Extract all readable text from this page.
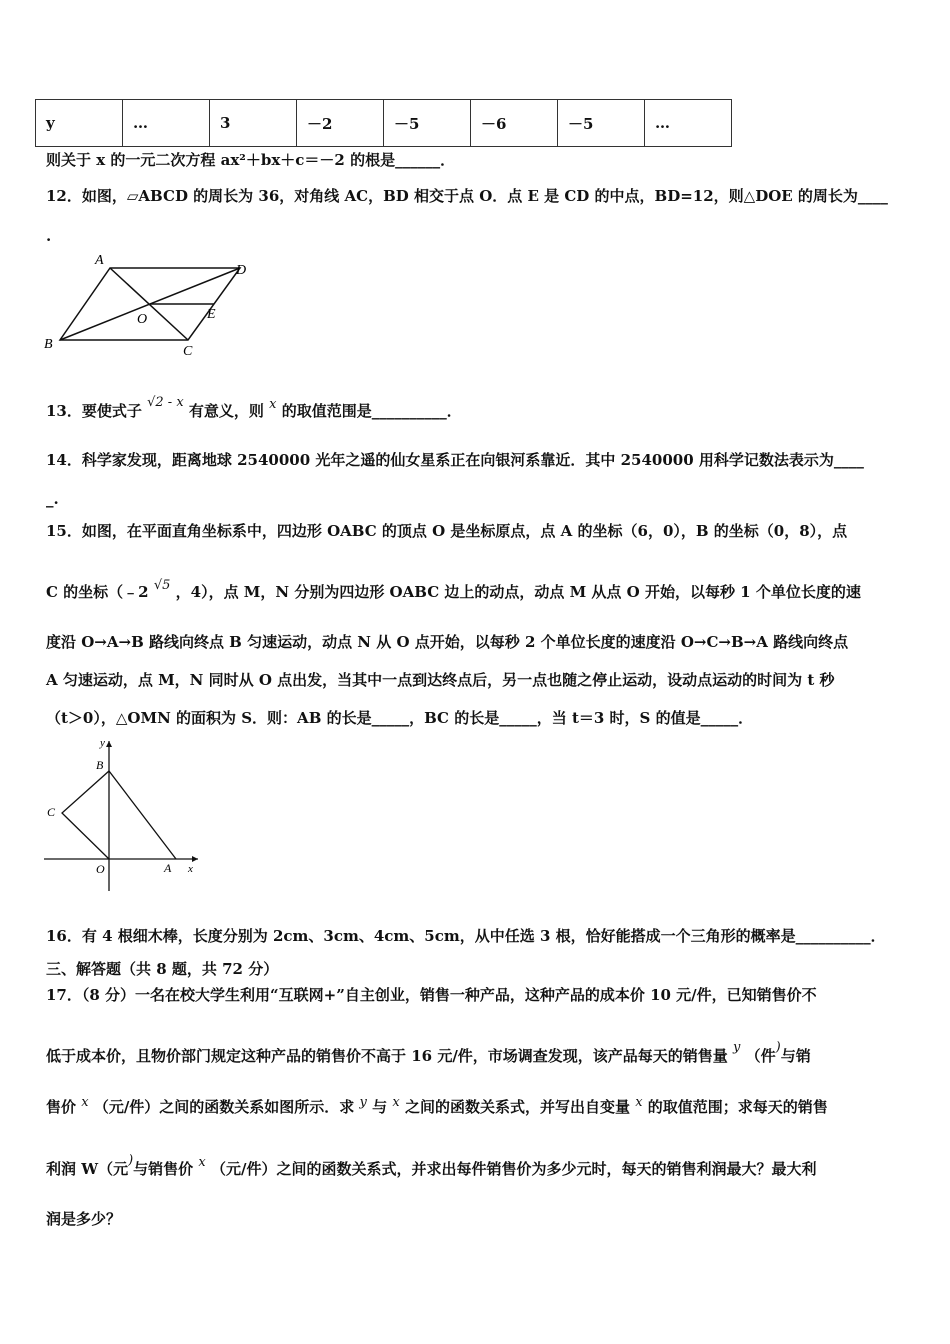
y	…	3	－2	－5	－6	－5	…
则关于 x 的一元二次方程 ax²＋bx＋c＝－2 的根是______．
12．如图，▱ABCD 的周长为 36，对角线 AC，BD 相交于点 O．点 E 是 CD 的中点，BD=12，则△DOE 的周长为____
.
A
D
B	C
O	E
13．要使式子 √2 - x 有意义，则 x 的取值范围是__________．
14．科学家发现，距离地球 2540000 光年之遥的仙女星系正在向银河系靠近．其中 2540000 用科学记数法表示为____
_.
15．如图，在平面直角坐标系中，四边形 OABC 的顶点 O 是坐标原点，点 A 的坐标（6，0），B 的坐标（0，8），点
C 的坐标（﹣2 √5 ，4），点 M，N 分别为四边形 OABC 边上的动点，动点 M 从点 O 开始，以每秒 1 个单位长度的速
度沿 O→A→B 路线向终点 B 匀速运动，动点 N 从 O 点开始，以每秒 2 个单位长度的速度沿 O→C→B→A 路线向终点
A 匀速运动，点 M，N 同时从 O 点出发，当其中一点到达终点后，另一点也随之停止运动，设动点运动的时间为 t 秒
（t＞0），△OMN 的面积为 S．则：AB 的长是_____，BC 的长是_____，当 t＝3 时，S 的值是_____．
y
x
B
C
O	A
16．有 4 根细木棒，长度分别为 2cm、3cm、4cm、5cm，从中任选 3 根，恰好能搭成一个三角形的概率是__________．
三、解答题（共 8 题，共 72 分）
17．（8 分）一名在校大学生利用“互联网+”自主创业，销售一种产品，这种产品的成本价 10 元/件，已知销售价不
低于成本价，且物价部门规定这种产品的销售价不高于 16 元/件，市场调查发现，该产品每天的销售量 y （件)与销
售价 x （元/件）之间的函数关系如图所示．求 y 与 x 之间的函数关系式，并写出自变量 x 的取值范围；求每天的销售
利润 W（元)与销售价 x （元/件）之间的函数关系式，并求出每件销售价为多少元时，每天的销售利润最大？最大利
润是多少？
